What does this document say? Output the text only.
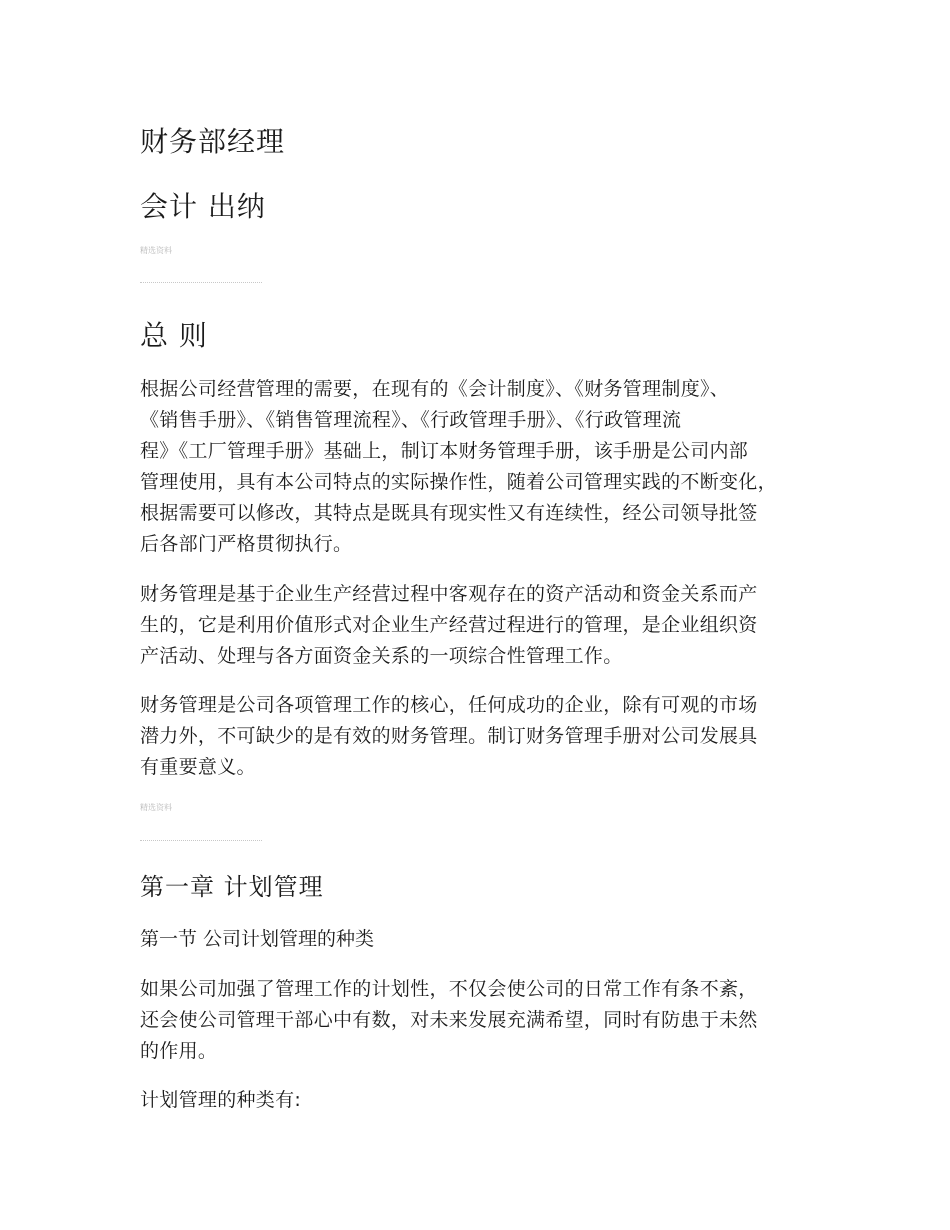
财务部经理
会计 出纳
精选资料
总 则

根据公司经营管理的需要，在现有的《会计制度》、《财务管理制度》、
《销售手册》、《销售管理流程》、《行政管理手册》、《行政管理流
程》《工厂管理手册》基础上，制订本财务管理手册，该手册是公司内部
管理使用，具有本公司特点的实际操作性，随着公司管理实践的不断变化，
根据需要可以修改，其特点是既具有现实性又有连续性，经公司领导批签
后各部门严格贯彻执行。

财务管理是基于企业生产经营过程中客观存在的资产活动和资金关系而产
生的，它是利用价值形式对企业生产经营过程进行的管理，是企业组织资
产活动、处理与各方面资金关系的一项综合性管理工作。

财务管理是公司各项管理工作的核心，任何成功的企业，除有可观的市场
潜力外，不可缺少的是有效的财务管理。制订财务管理手册对公司发展具
有重要意义。

精选资料
第一章 计划管理
第一节 公司计划管理的种类

如果公司加强了管理工作的计划性，不仅会使公司的日常工作有条不紊，
还会使公司管理干部心中有数，对未来发展充满希望，同时有防患于未然
的作用。

计划管理的种类有:
